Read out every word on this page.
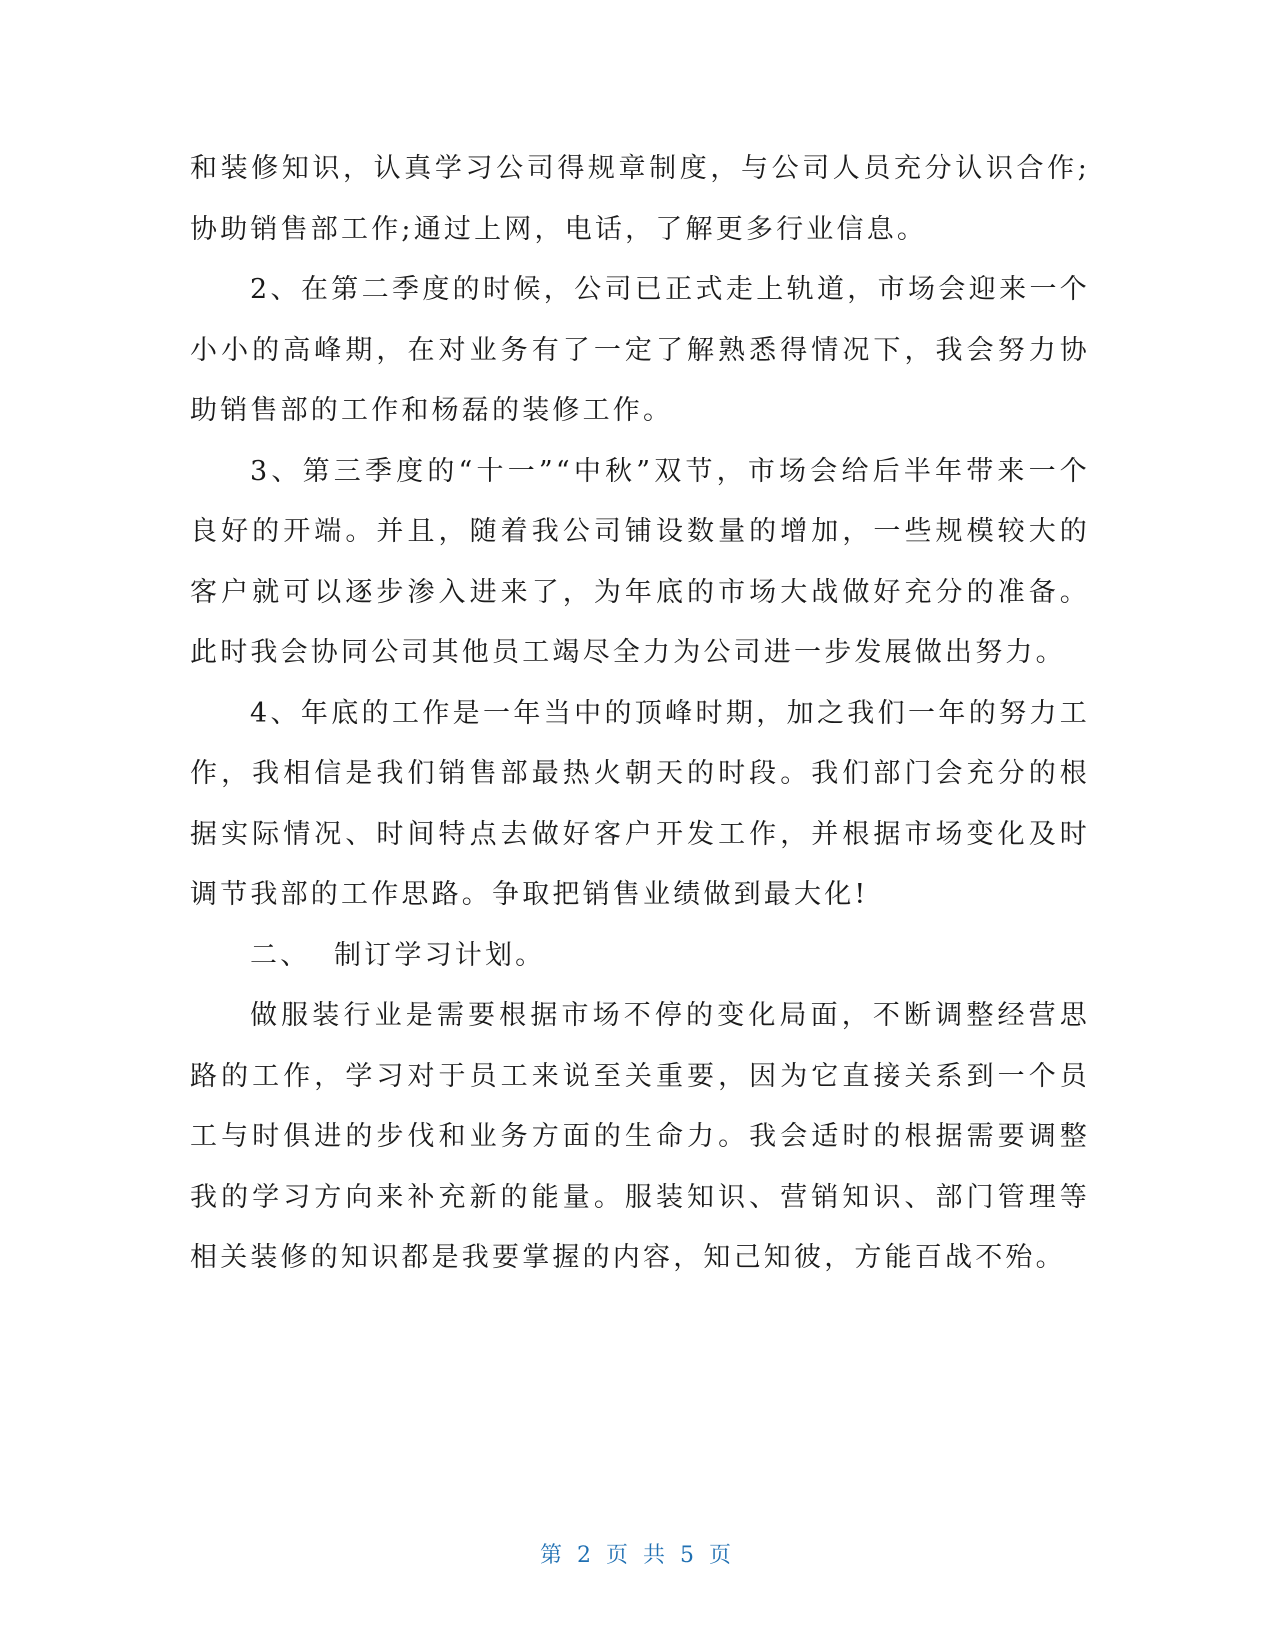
和装修知识，认真学习公司得规章制度，与公司人员充分认识合作;协助销售部工作;通过上网，电话，了解更多行业信息。

2、在第二季度的时候，公司已正式走上轨道，市场会迎来一个小小的高峰期，在对业务有了一定了解熟悉得情况下，我会努力协助销售部的工作和杨磊的装修工作。

3、第三季度的“十一”“中秋”双节，市场会给后半年带来一个良好的开端。并且，随着我公司铺设数量的增加，一些规模较大的客户就可以逐步渗入进来了，为年底的市场大战做好充分的准备。此时我会协同公司其他员工竭尽全力为公司进一步发展做出努力。

4、年底的工作是一年当中的顶峰时期，加之我们一年的努力工作，我相信是我们销售部最热火朝天的时段。我们部门会充分的根据实际情况、时间特点去做好客户开发工作，并根据市场变化及时调节我部的工作思路。争取把销售业绩做到最大化!

二、  制订学习计划。

做服装行业是需要根据市场不停的变化局面，不断调整经营思路的工作，学习对于员工来说至关重要，因为它直接关系到一个员工与时俱进的步伐和业务方面的生命力。我会适时的根据需要调整我的学习方向来补充新的能量。服装知识、营销知识、部门管理等相关装修的知识都是我要掌握的内容，知己知彼，方能百战不殆。

第 2 页 共 5 页
